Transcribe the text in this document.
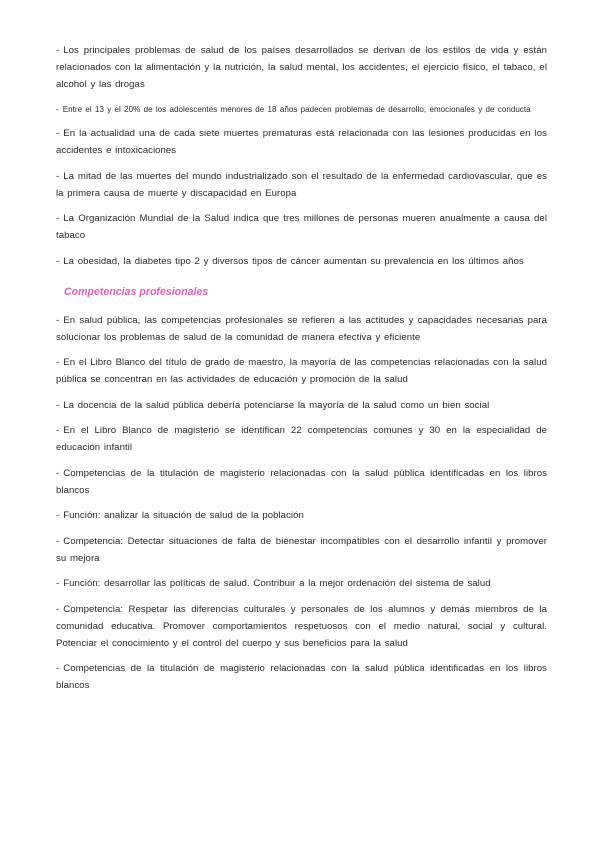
- Los principales problemas de salud de los países desarrollados se derivan de los estilos de vida y están relacionados con la alimentación y la nutrición, la salud mental, los accidentes, el ejercicio físico, el tabaco, el alcohol y las drogas

- Entre el 13 y el 20% de los adolescentes menores de 18 años padecen problemas de desarrollo, emocionales y de conducta

- En la actualidad una de cada siete muertes prematuras está relacionada con las lesiones producidas en los accidentes e intoxicaciones

- La mitad de las muertes del mundo industrializado son el resultado de la enfermedad cardiovascular, que es la primera causa de muerte y discapacidad en Europa

- La Organización Mundial de la Salud indica que tres millones de personas mueren anualmente a causa del tabaco

- La obesidad, la diabetes tipo 2 y diversos tipos de cáncer aumentan su prevalencia en los últimos años

Competencias profesionales

- En salud pública, las competencias profesionales se refieren a las actitudes y capacidades necesarias para solucionar los problemas de salud de la comunidad de manera efectiva y eficiente

- En el Libro Blanco del título de grado de maestro, la mayoría de las competencias relacionadas con la salud pública se concentran en las actividades de educación y promoción de la salud

- La docencia de la salud pública debería potenciarse la mayoría de la salud como un bien social

- En el Libro Blanco de magisterio se identifican 22 competencias comunes y 30 en la especialidad de educación infantil

- Competencias de la titulación de magisterio relacionadas con la salud pública identificadas en los libros blancos

- Función: analizar la situación de salud de la población

- Competencia: Detectar situaciones de falta de bienestar incompatibles con el desarrollo infantil y promover su mejora

- Función: desarrollar las políticas de salud. Contribuir a la mejor ordenación del sistema de salud

- Competencia: Respetar las diferencias culturales y personales de los alumnos y demás miembros de la comunidad educativa. Promover comportamientos respetuosos con el medio natural, social y cultural. Potenciar el conocimiento y el control del cuerpo y sus beneficios para la salud

- Competencias de la titulación de magisterio relacionadas con la salud pública identificadas en los libros blancos
